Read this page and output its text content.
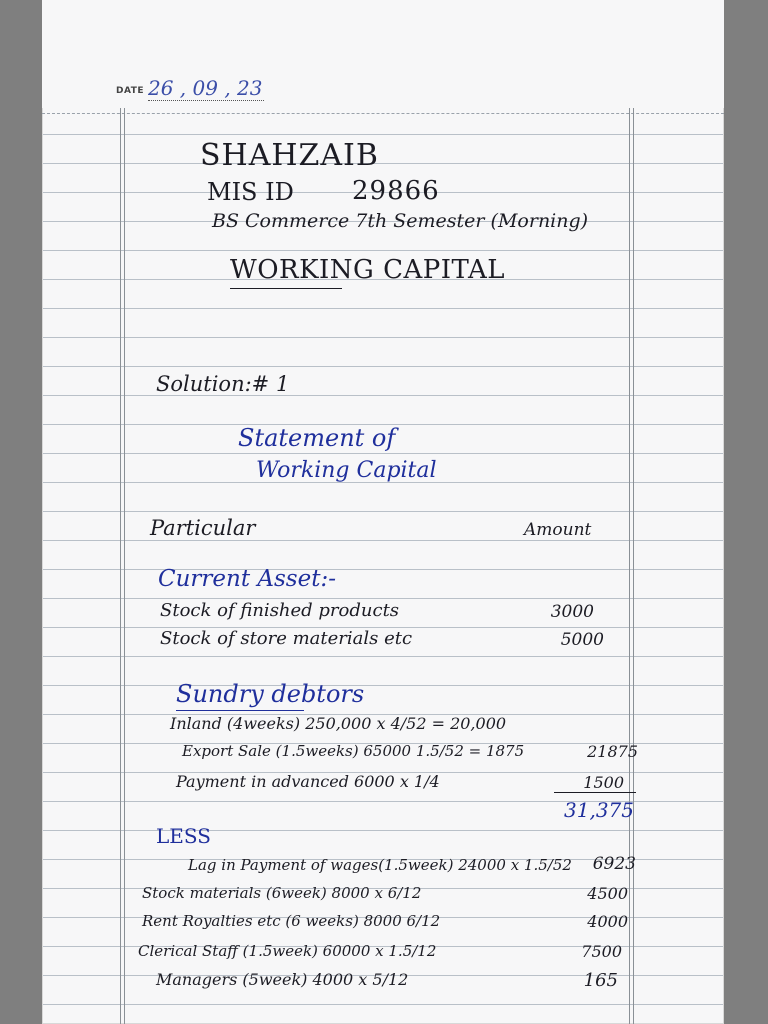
DATE 26 , 09 , 23
SHAHZAIB
MIS ID 29866
BS Commerce 7th Semester (Morning)
WORKING CAPITAL
Solution:# 1
Statement of
Working Capital
Particular	Amount
Current Asset:-
Stock of finished products	3000
Stock of store materials etc	5000
Sundry debtors
Inland (4weeks) 250,000 x 4/52 = 20,000
Export Sale (1.5weeks) 65000 1.5/52 = 1875	21875
Payment in advanced 6000 x 1/4	1500
31,375
LESS
Lag in Payment of wages(1.5week) 24000 x 1.5/52	6923
Stock materials (6week) 8000 x 6/12	4500
Rent Royalties etc (6 weeks) 8000 6/12	4000
Clerical Staff (1.5week) 60000 x 1.5/12	7500
Managers (5week) 4000 x 5/12	165
